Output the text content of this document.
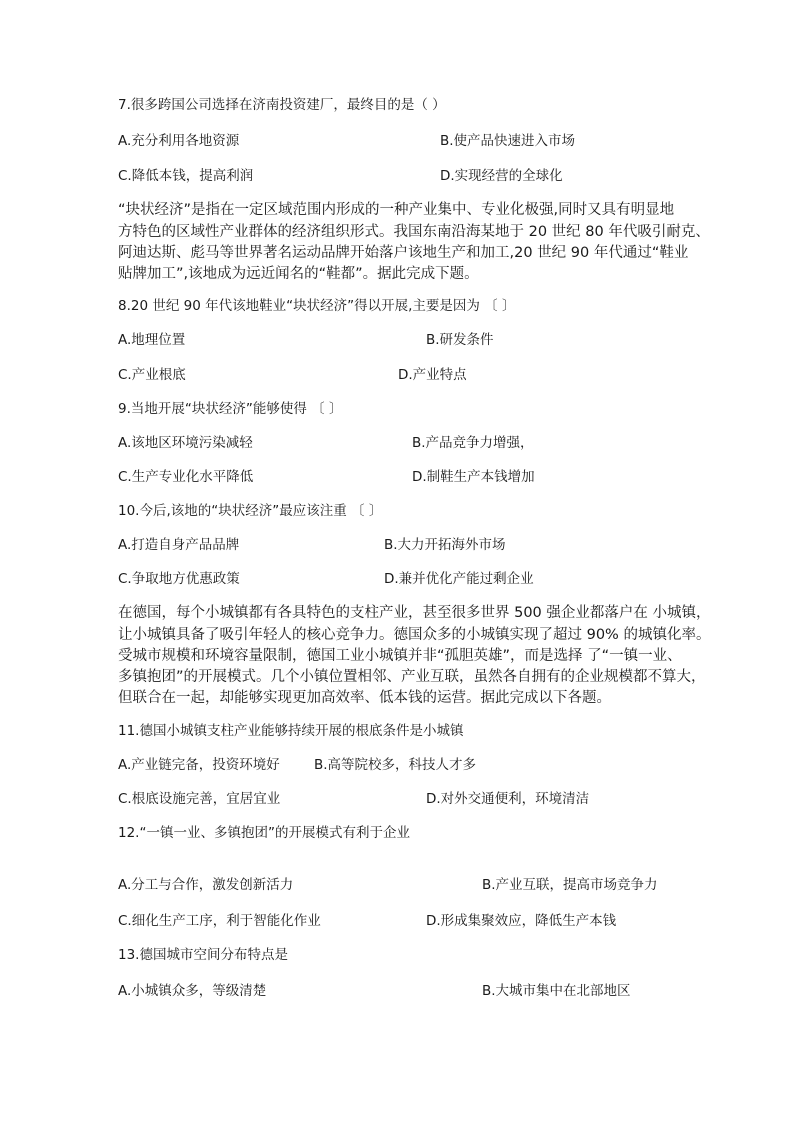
7.很多跨国公司选择在济南投资建厂，最终目的是（ ）
A.充分利用各地资源	B.使产品快速进入市场
C.降低本钱，提高利润	D.实现经营的全球化
“块状经济”是指在一定区域范围内形成的一种产业集中、专业化极强,同时又具有明显地
方特色的区域性产业群体的经济组织形式。我国东南沿海某地于 20 世纪 80 年代吸引耐克、
阿迪达斯、彪马等世界著名运动品牌开始落户该地生产和加工,20 世纪 90 年代通过“鞋业
贴牌加工”,该地成为远近闻名的“鞋都”。据此完成下题。
8.20 世纪 90 年代该地鞋业“块状经济”得以开展,主要是因为 〔 〕
A.地理位置	B.研发条件
C.产业根底	D.产业特点
9.当地开展“块状经济”能够使得 〔 〕
A.该地区环境污染减轻	B.产品竞争力增强，
C.生产专业化水平降低	D.制鞋生产本钱增加
10.今后,该地的“块状经济”最应该注重 〔 〕
A.打造自身产品品牌	B.大力开拓海外市场
C.争取地方优惠政策	D.兼并优化产能过剩企业
在德国，每个小城镇都有各具特色的支柱产业，甚至很多世界 500 强企业都落户在 小城镇，
让小城镇具备了吸引年轻人的核心竞争力。德国众多的小城镇实现了超过 90% 的城镇化率。
受城市规模和环境容量限制，德国工业小城镇并非“孤胆英雄”，而是选择 了“一镇一业、
多镇抱团”的开展模式。几个小镇位置相邻、产业互联，虽然各自拥有的企业规模都不算大，
但联合在一起，却能够实现更加高效率、低本钱的运营。据此完成以下各题。
11.德国小城镇支柱产业能够持续开展的根底条件是小城镇
A.产业链完备，投资环境好	B.高等院校多，科技人才多
C.根底设施完善，宜居宜业	D.对外交通便利，环境清洁
12.“一镇一业、多镇抱团”的开展模式有利于企业
A.分工与合作，激发创新活力	B.产业互联，提高市场竞争力
C.细化生产工序，利于智能化作业	D.形成集聚效应，降低生产本钱
13.德国城市空间分布特点是
A.小城镇众多，等级清楚	B.大城市集中在北部地区
